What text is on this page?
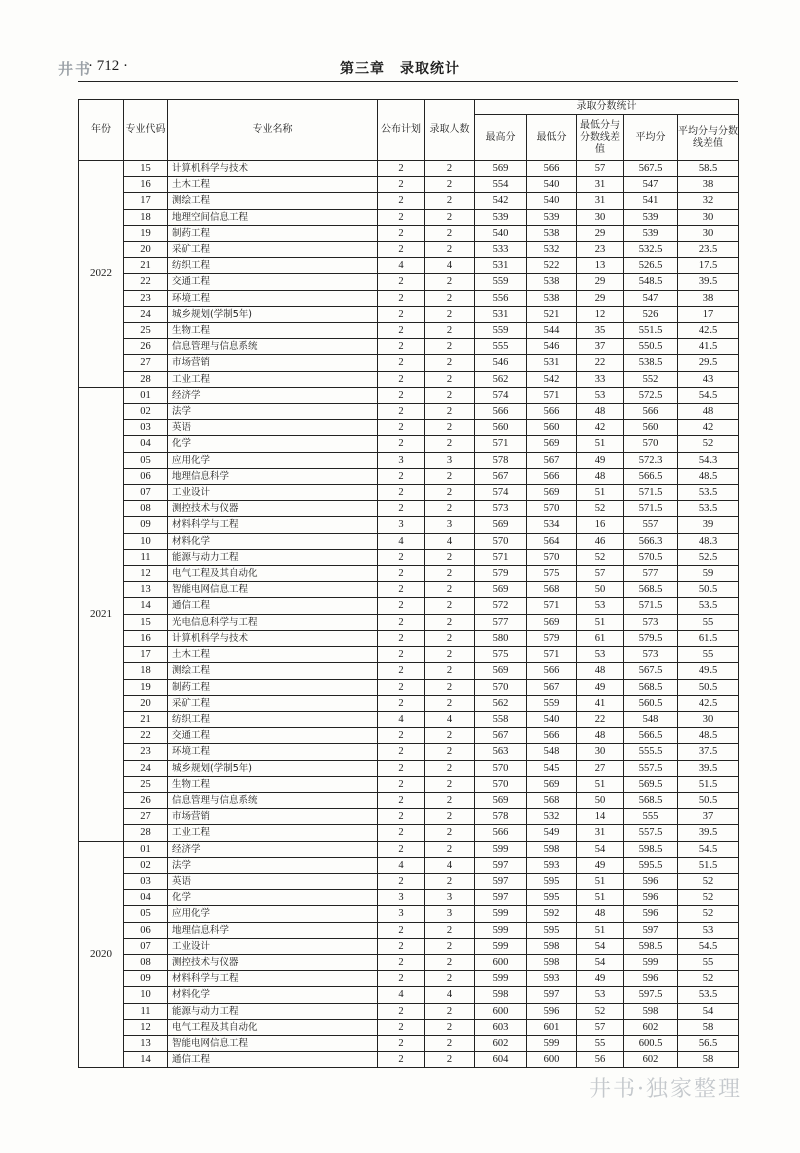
井书
· 712 ·	第三章　录取统计
年份	专业代码	专业名称	公布计划	录取人数	录取分数统计				
					最高分	最低分	最低分与分数线差值	平均分	平均分与分数线差值
2022	15	计算机科学与技术	2	2	569	566	57	567.5	58.5
	16	土木工程	2	2	554	540	31	547	38
	17	测绘工程	2	2	542	540	31	541	32
	18	地理空间信息工程	2	2	539	539	30	539	30
	19	制药工程	2	2	540	538	29	539	30
	20	采矿工程	2	2	533	532	23	532.5	23.5
	21	纺织工程	4	4	531	522	13	526.5	17.5
	22	交通工程	2	2	559	538	29	548.5	39.5
	23	环境工程	2	2	556	538	29	547	38
	24	城乡规划(学制5年)	2	2	531	521	12	526	17
	25	生物工程	2	2	559	544	35	551.5	42.5
	26	信息管理与信息系统	2	2	555	546	37	550.5	41.5
	27	市场营销	2	2	546	531	22	538.5	29.5
	28	工业工程	2	2	562	542	33	552	43
2021	01	经济学	2	2	574	571	53	572.5	54.5
	02	法学	2	2	566	566	48	566	48
	03	英语	2	2	560	560	42	560	42
	04	化学	2	2	571	569	51	570	52
	05	应用化学	3	3	578	567	49	572.3	54.3
	06	地理信息科学	2	2	567	566	48	566.5	48.5
	07	工业设计	2	2	574	569	51	571.5	53.5
	08	测控技术与仪器	2	2	573	570	52	571.5	53.5
	09	材料科学与工程	3	3	569	534	16	557	39
	10	材料化学	4	4	570	564	46	566.3	48.3
	11	能源与动力工程	2	2	571	570	52	570.5	52.5
	12	电气工程及其自动化	2	2	579	575	57	577	59
	13	智能电网信息工程	2	2	569	568	50	568.5	50.5
	14	通信工程	2	2	572	571	53	571.5	53.5
	15	光电信息科学与工程	2	2	577	569	51	573	55
	16	计算机科学与技术	2	2	580	579	61	579.5	61.5
	17	土木工程	2	2	575	571	53	573	55
	18	测绘工程	2	2	569	566	48	567.5	49.5
	19	制药工程	2	2	570	567	49	568.5	50.5
	20	采矿工程	2	2	562	559	41	560.5	42.5
	21	纺织工程	4	4	558	540	22	548	30
	22	交通工程	2	2	567	566	48	566.5	48.5
	23	环境工程	2	2	563	548	30	555.5	37.5
	24	城乡规划(学制5年)	2	2	570	545	27	557.5	39.5
	25	生物工程	2	2	570	569	51	569.5	51.5
	26	信息管理与信息系统	2	2	569	568	50	568.5	50.5
	27	市场营销	2	2	578	532	14	555	37
	28	工业工程	2	2	566	549	31	557.5	39.5
2020	01	经济学	2	2	599	598	54	598.5	54.5
	02	法学	4	4	597	593	49	595.5	51.5
	03	英语	2	2	597	595	51	596	52
	04	化学	3	3	597	595	51	596	52
	05	应用化学	3	3	599	592	48	596	52
	06	地理信息科学	2	2	599	595	51	597	53
	07	工业设计	2	2	599	598	54	598.5	54.5
	08	测控技术与仪器	2	2	600	598	54	599	55
	09	材料科学与工程	2	2	599	593	49	596	52
	10	材料化学	4	4	598	597	53	597.5	53.5
	11	能源与动力工程	2	2	600	596	52	598	54
	12	电气工程及其自动化	2	2	603	601	57	602	58
	13	智能电网信息工程	2	2	602	599	55	600.5	56.5
	14	通信工程	2	2	604	600	56	602	58
井书·独家整理
